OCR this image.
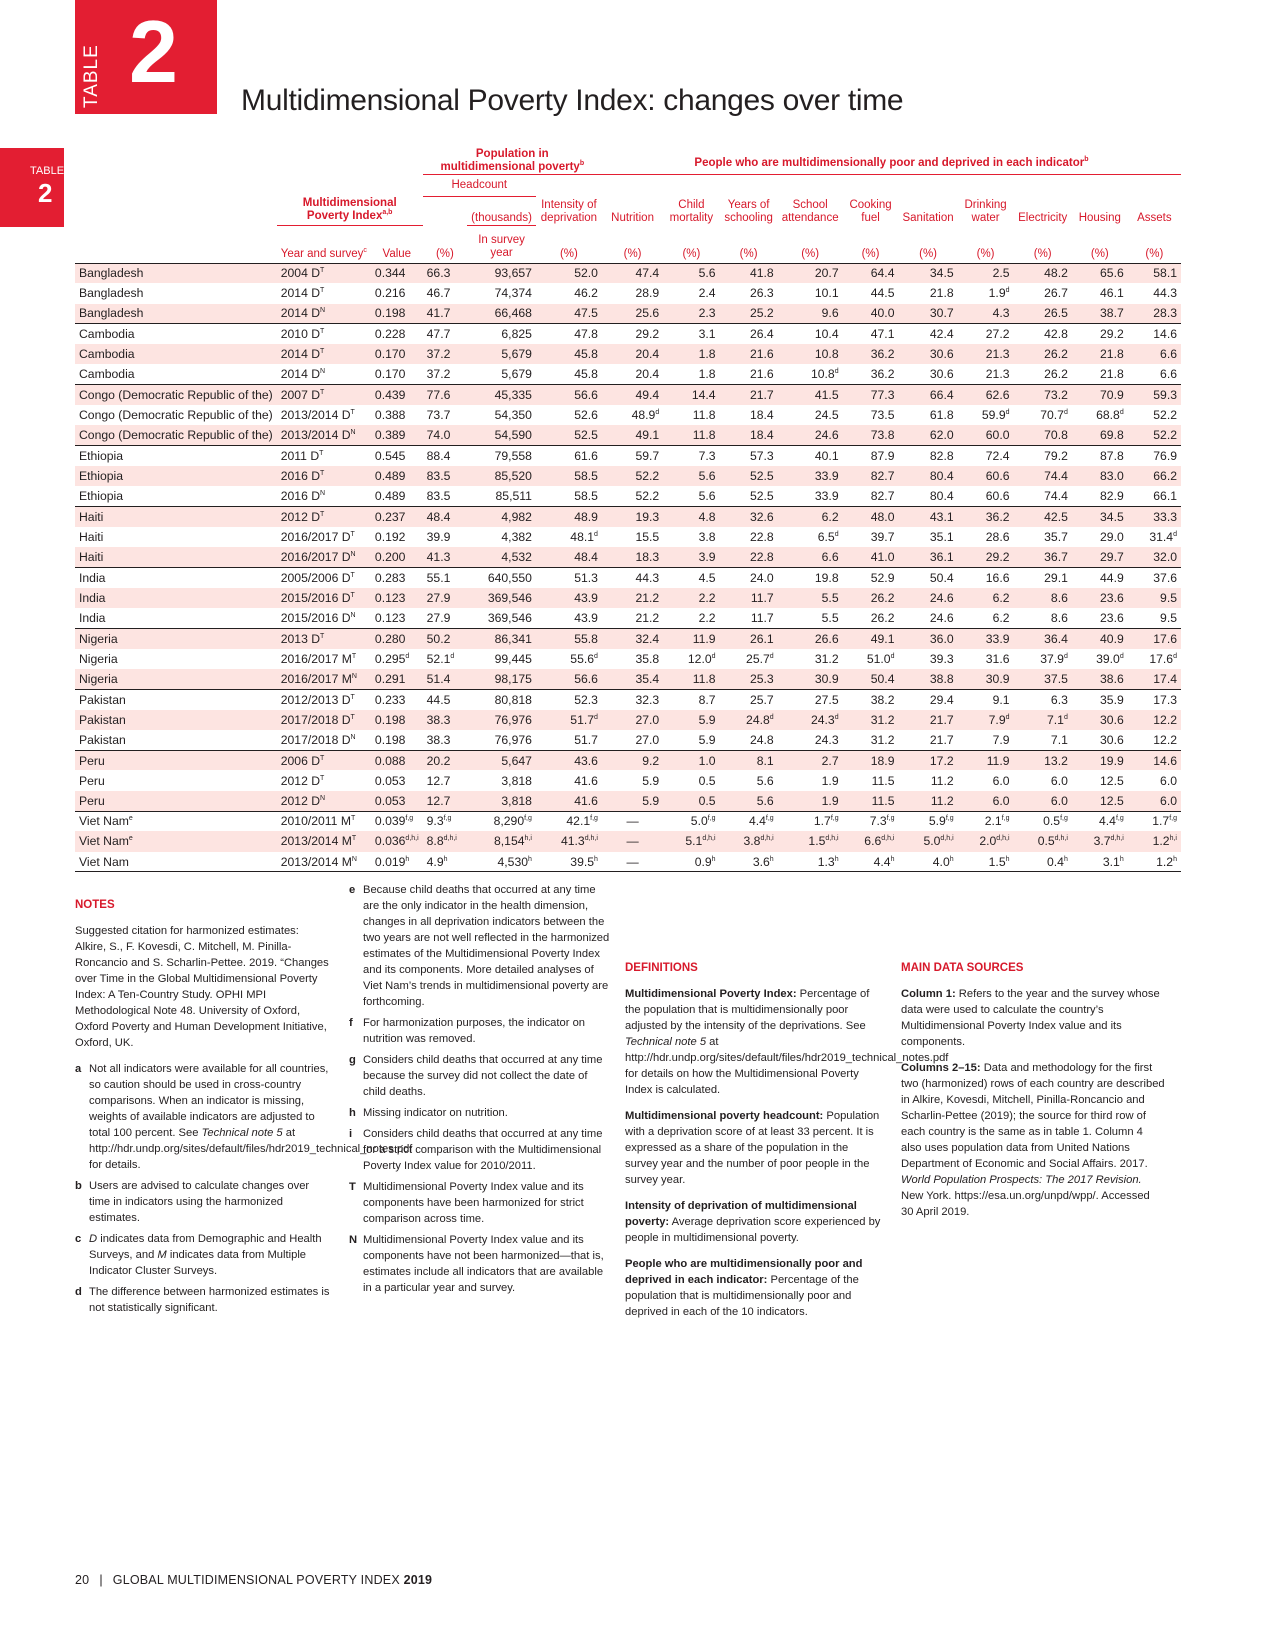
TABLE 2 Multidimensional Poverty Index: changes over time
TABLE
2
			Population in multidimensional poverty$^b$			People who are multidimensionally poor and deprived in each indicator$^b$
			Headcount												
	Multidimensional Poverty Index$^{a,b}$			(thousands)	Intensity of deprivation	Nutrition	Child mortality	Years of schooling	School attendance	Cooking fuel	Sanitation	Drinking water	Electricity	Housing	Assets
	Year and survey$^c$	Value	(%)	In survey year	(%)	(%)	(%)	(%)	(%)	(%)	(%)	(%)	(%)	(%)	(%)
Bangladesh	2004 $D^T$	0.344	66.3	93,657	52.0	47.4	5.6	41.8	20.7	64.4	34.5	2.5	48.2	65.6	58.1
Bangladesh	2014 $D^T$	0.216	46.7	74,374	46.2	28.9	2.4	26.3	10.1	44.5	21.8	1.9$^d$	26.7	46.1	44.3
Bangladesh	2014 $D^N$	0.198	41.7	66,468	47.5	25.6	2.3	25.2	9.6	40.0	30.7	4.3	26.5	38.7	28.3
Cambodia	2010 $D^T$	0.228	47.7	6,825	47.8	29.2	3.1	26.4	10.4	47.1	42.4	27.2	42.8	29.2	14.6
Cambodia	2014 $D^T$	0.170	37.2	5,679	45.8	20.4	1.8	21.6	10.8	36.2	30.6	21.3	26.2	21.8	6.6
Cambodia	2014 $D^N$	0.170	37.2	5,679	45.8	20.4	1.8	21.6	10.8$^d$	36.2	30.6	21.3	26.2	21.8	6.6
Congo (Democratic Republic of the)	2007 $D^T$	0.439	77.6	45,335	56.6	49.4	14.4	21.7	41.5	77.3	66.4	62.6	73.2	70.9	59.3
Congo (Democratic Republic of the)	2013/2014 $D^T$	0.388	73.7	54,350	52.6	48.9$^d$	11.8	18.4	24.5	73.5	61.8	59.9$^d$	70.7$^d$	68.8$^d$	52.2
Congo (Democratic Republic of the)	2013/2014 $D^N$	0.389	74.0	54,590	52.5	49.1	11.8	18.4	24.6	73.8	62.0	60.0	70.8	69.8	52.2
Ethiopia	2011 $D^T$	0.545	88.4	79,558	61.6	59.7	7.3	57.3	40.1	87.9	82.8	72.4	79.2	87.8	76.9
Ethiopia	2016 $D^T$	0.489	83.5	85,520	58.5	52.2	5.6	52.5	33.9	82.7	80.4	60.6	74.4	83.0	66.2
Ethiopia	2016 $D^N$	0.489	83.5	85,511	58.5	52.2	5.6	52.5	33.9	82.7	80.4	60.6	74.4	82.9	66.1
Haiti	2012 $D^T$	0.237	48.4	4,982	48.9	19.3	4.8	32.6	6.2	48.0	43.1	36.2	42.5	34.5	33.3
Haiti	2016/2017 $D^T$	0.192	39.9	4,382	48.1$^d$	15.5	3.8	22.8	6.5$^d$	39.7	35.1	28.6	35.7	29.0	31.4$^d$
Haiti	2016/2017 $D^N$	0.200	41.3	4,532	48.4	18.3	3.9	22.8	6.6	41.0	36.1	29.2	36.7	29.7	32.0
India	2005/2006 $D^T$	0.283	55.1	640,550	51.3	44.3	4.5	24.0	19.8	52.9	50.4	16.6	29.1	44.9	37.6
India	2015/2016 $D^T$	0.123	27.9	369,546	43.9	21.2	2.2	11.7	5.5	26.2	24.6	6.2	8.6	23.6	9.5
India	2015/2016 $D^N$	0.123	27.9	369,546	43.9	21.2	2.2	11.7	5.5	26.2	24.6	6.2	8.6	23.6	9.5
Nigeria	2013 $D^T$	0.280	50.2	86,341	55.8	32.4	11.9	26.1	26.6	49.1	36.0	33.9	36.4	40.9	17.6
Nigeria	2016/2017 $M^T$	0.295$^d$	52.1$^d$	99,445	55.6$^d$	35.8	12.0$^d$	25.7$^d$	31.2	51.0$^d$	39.3	31.6	37.9$^d$	39.0$^d$	17.6$^d$
Nigeria	2016/2017 $M^N$	0.291	51.4	98,175	56.6	35.4	11.8	25.3	30.9	50.4	38.8	30.9	37.5	38.6	17.4
Pakistan	2012/2013 $D^T$	0.233	44.5	80,818	52.3	32.3	8.7	25.7	27.5	38.2	29.4	9.1	6.3	35.9	17.3
Pakistan	2017/2018 $D^T$	0.198	38.3	76,976	51.7$^d$	27.0	5.9	24.8$^d$	24.3$^d$	31.2	21.7	7.9$^d$	7.1$^d$	30.6	12.2
Pakistan	2017/2018 $D^N$	0.198	38.3	76,976	51.7	27.0	5.9	24.8	24.3	31.2	21.7	7.9	7.1	30.6	12.2
Peru	2006 $D^T$	0.088	20.2	5,647	43.6	9.2	1.0	8.1	2.7	18.9	17.2	11.9	13.2	19.9	14.6
Peru	2012 $D^T$	0.053	12.7	3,818	41.6	5.9	0.5	5.6	1.9	11.5	11.2	6.0	6.0	12.5	6.0
Peru	2012 $D^N$	0.053	12.7	3,818	41.6	5.9	0.5	5.6	1.9	11.5	11.2	6.0	6.0	12.5	6.0
Viet Nam$^e$	2010/2011 $M^T$	0.039$^{f,g}$	9.3$^{f,g}$	8,290$^{f,g}$	42.1$^{f,g}$	—	5.0$^{f,g}$	4.4$^{f,g}$	1.7$^{f,g}$	7.3$^{f,g}$	5.9$^{f,g}$	2.1$^{f,g}$	0.5$^{f,g}$	4.4$^{f,g}$	1.7$^{f,g}$
Viet Nam$^e$	2013/2014 $M^T$	0.036$^{d,h,i}$	8.8$^{d,h,i}$	8,154$^{h,i}$	41.3$^{d,h,i}$	—	5.1$^{d,h,i}$	3.8$^{d,h,i}$	1.5$^{d,h,i}$	6.6$^{d,h,i}$	5.0$^{d,h,i}$	2.0$^{d,h,i}$	0.5$^{d,h,i}$	3.7$^{d,h,i}$	1.2$^{h,i}$
Viet Nam	2013/2014 $M^N$	0.019$^h$	4.9$^h$	4,530$^h$	39.5$^h$	—	0.9$^h$	3.6$^h$	1.3$^h$	4.4$^h$	4.0$^h$	1.5$^h$	0.4$^h$	3.1$^h$	1.2$^h$
NOTES
Suggested citation for harmonized estimates: Alkire, S., F. Kovesdi, C. Mitchell, M. Pinilla-Roncancio and S. Scharlin-Pettee. 2019. “Changes over Time in the Global Multidimensional Poverty Index: A Ten-Country Study. OPHI MPI Methodological Note 48. University of Oxford, Oxford Poverty and Human Development Initiative, Oxford, UK.
a Not all indicators were available for all countries, so caution should be used in cross-country comparisons. When an indicator is missing, weights of available indicators are adjusted to total 100 percent. See Technical note 5 at http://hdr.undp.org/sites/default/files/hdr2019_technical_notes.pdf for details.
b Users are advised to calculate changes over time in indicators using the harmonized estimates.
c D indicates data from Demographic and Health Surveys, and M indicates data from Multiple Indicator Cluster Surveys.
d The difference between harmonized estimates is not statistically significant.
e Because child deaths that occurred at any time are the only indicator in the health dimension, changes in all deprivation indicators between the two years are not well reflected in the harmonized estimates of the Multidimensional Poverty Index and its components. More detailed analyses of Viet Nam’s trends in multidimensional poverty are forthcoming.
f For harmonization purposes, the indicator on nutrition was removed.
g Considers child deaths that occurred at any time because the survey did not collect the date of child deaths.
h Missing indicator on nutrition.
i Considers child deaths that occurred at any time for a strict comparison with the Multidimensional Poverty Index value for 2010/2011.
T Multidimensional Poverty Index value and its components have been harmonized for strict comparison across time.
N Multidimensional Poverty Index value and its components have not been harmonized—that is, estimates include all indicators that are available in a particular year and survey.
DEFINITIONS
Multidimensional Poverty Index: Percentage of the population that is multidimensionally poor adjusted by the intensity of the deprivations. See Technical note 5 at http://hdr.undp.org/sites/default/files/hdr2019_technical_notes.pdf for details on how the Multidimensional Poverty Index is calculated.
Multidimensional poverty headcount: Population with a deprivation score of at least 33 percent. It is expressed as a share of the population in the survey year and the number of poor people in the survey year.
Intensity of deprivation of multidimensional poverty: Average deprivation score experienced by people in multidimensional poverty.
People who are multidimensionally poor and deprived in each indicator: Percentage of the population that is multidimensionally poor and deprived in each of the 10 indicators.
MAIN DATA SOURCES
Column 1: Refers to the year and the survey whose data were used to calculate the country’s Multidimensional Poverty Index value and its components.
Columns 2–15: Data and methodology for the first two (harmonized) rows of each country are described in Alkire, Kovesdi, Mitchell, Pinilla-Roncancio and Scharlin-Pettee (2019); the source for third row of each country is the same as in table 1. Column 4 also uses population data from United Nations Department of Economic and Social Affairs. 2017. World Population Prospects: The 2017 Revision. New York. https://esa.un.org/unpd/wpp/. Accessed 30 April 2019.
20 | GLOBAL MULTIDIMENSIONAL POVERTY INDEX 2019
